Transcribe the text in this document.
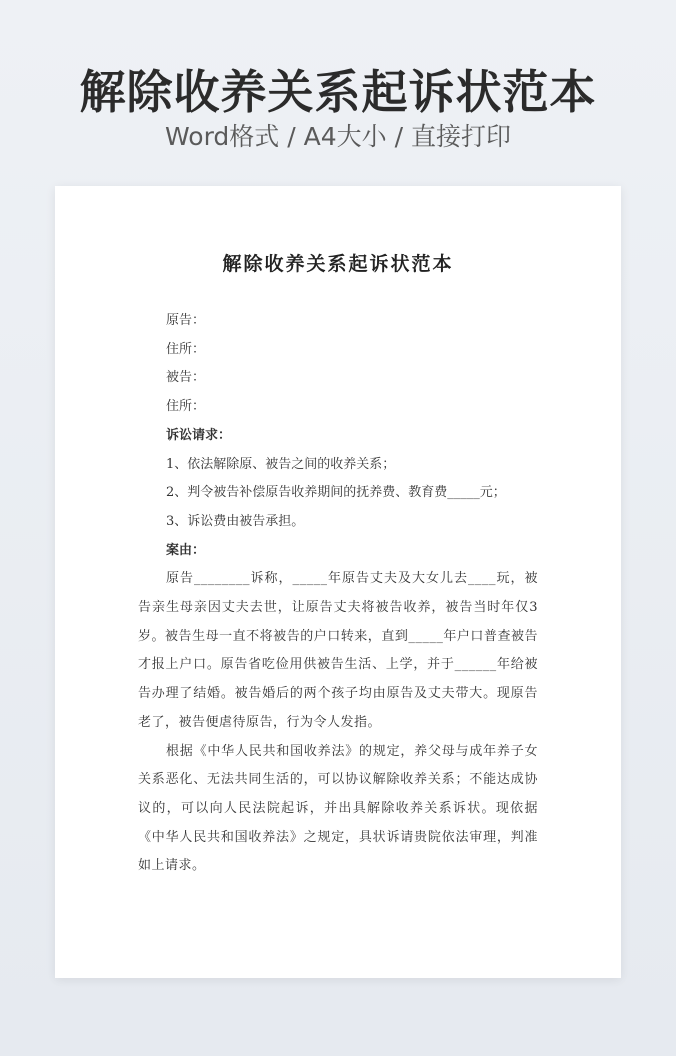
解除收养关系起诉状范本
Word格式 / A4大小 / 直接打印
解除收养关系起诉状范本
原告：
住所：
被告：
住所：
诉讼请求：
1、依法解除原、被告之间的收养关系；
2、判令被告补偿原告收养期间的抚养费、教育费_____元；
3、诉讼费由被告承担。
案由：
原告________诉称，_____年原告丈夫及大女儿去____玩，被告亲生母亲因丈夫去世，让原告丈夫将被告收养，被告当时年仅3岁。被告生母一直不将被告的户口转来，直到_____年户口普查被告才报上户口。原告省吃俭用供被告生活、上学，并于______年给被告办理了结婚。被告婚后的两个孩子均由原告及丈夫带大。现原告老了，被告便虐待原告，行为令人发指。
根据《中华人民共和国收养法》的规定，养父母与成年养子女关系恶化、无法共同生活的，可以协议解除收养关系；不能达成协议的，可以向人民法院起诉，并出具解除收养关系诉状。现依据《中华人民共和国收养法》之规定，具状诉请贵院依法审理，判准如上请求。
